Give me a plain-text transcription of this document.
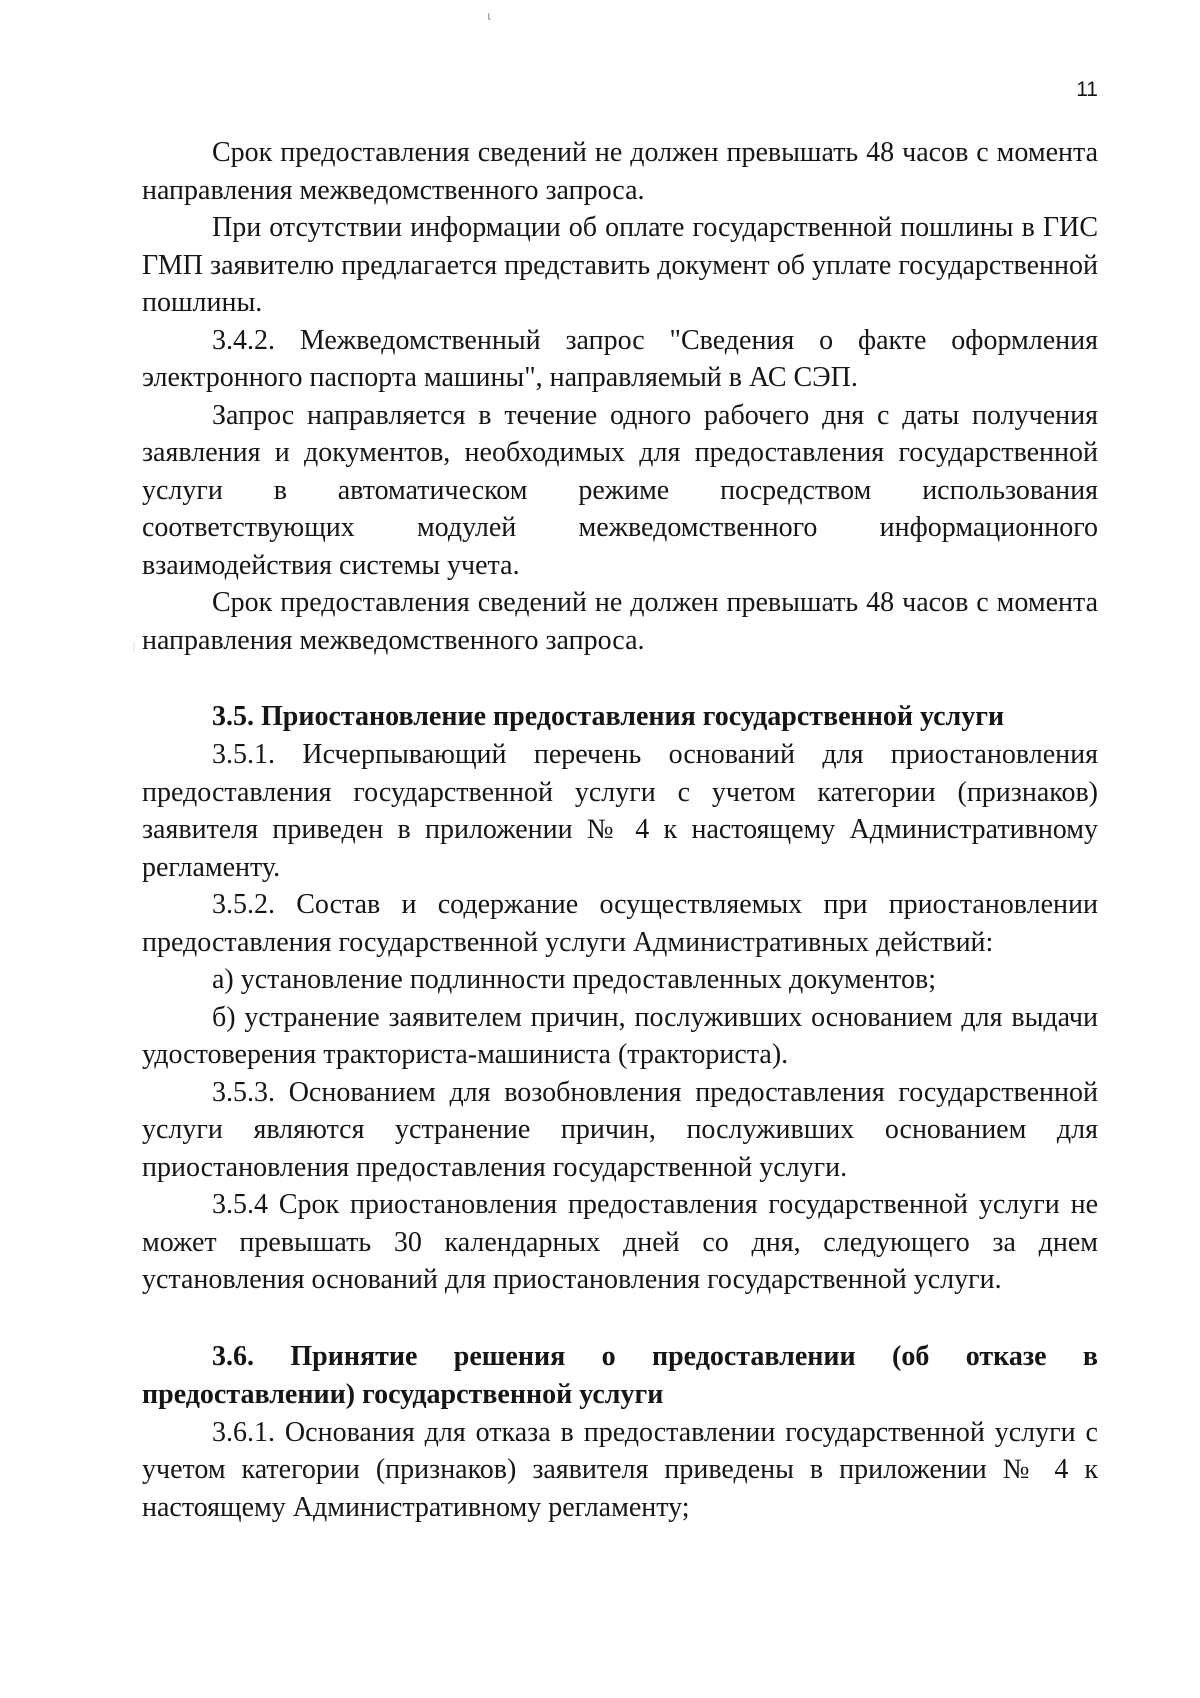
ɩ
11

Срок предоставления сведений не должен превышать 48 часов с момента направления межведомственного запроса.

При отсутствии информации об оплате государственной пошлины в ГИС ГМП заявителю предлагается представить документ об уплате государственной пошлины.

3.4.2. Межведомственный запрос "Сведения о факте оформления электронного паспорта машины", направляемый в АС СЭП.

Запрос направляется в течение одного рабочего дня с даты получения заявления и документов, необходимых для предоставления государственной услуги в автоматическом режиме посредством использования соответствующих модулей межведомственного информационного взаимодействия системы учета.

Срок предоставления сведений не должен превышать 48 часов с момента направления межведомственного запроса.

3.5. Приостановление предоставления государственной услуги

3.5.1. Исчерпывающий перечень оснований для приостановления предоставления государственной услуги с учетом категории (признаков) заявителя приведен в приложении № 4 к настоящему Административному регламенту.

3.5.2. Состав и содержание осуществляемых при приостановлении предоставления государственной услуги Административных действий:

а) установление подлинности предоставленных документов;

б) устранение заявителем причин, послуживших основанием для выдачи удостоверения тракториста-машиниста (тракториста).

3.5.3. Основанием для возобновления предоставления государственной услуги являются устранение причин, послуживших основанием для приостановления предоставления государственной услуги.

3.5.4 Срок приостановления предоставления государственной услуги не может превышать 30 календарных дней со дня, следующего за днем установления оснований для приостановления государственной услуги.

3.6. Принятие решения о предоставлении (об отказе в
предоставлении) государственной услуги

3.6.1. Основания для отказа в предоставлении государственной услуги с учетом категории (признаков) заявителя приведены в приложении № 4 к настоящему Административному регламенту;
